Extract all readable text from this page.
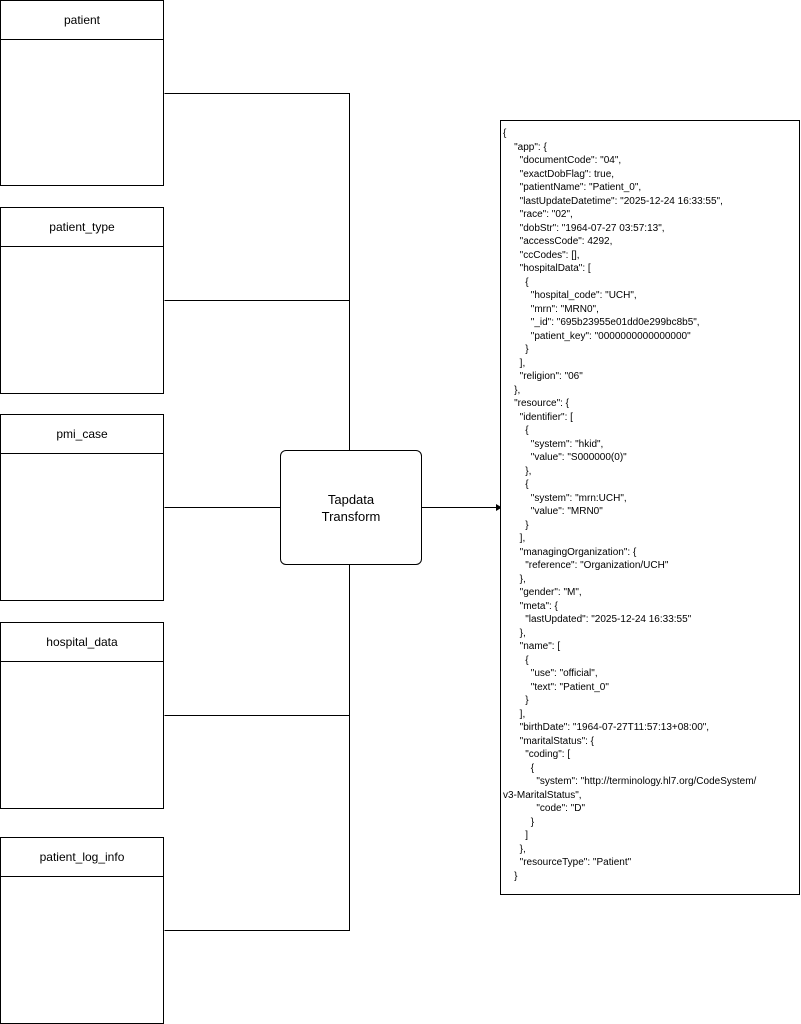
patient
patient_type
pmi_case
hospital_data
patient_log_info
Tapdata
Transform
{
"app": {
"documentCode": "04",
"exactDobFlag": true,
"patientName": "Patient_0",
"lastUpdateDatetime": "2025-12-24 16:33:55",
"race": "02",
"dobStr": "1964-07-27 03:57:13",
"accessCode": 4292,
"ccCodes": [],
"hospitalData": [
{
"hospital_code": "UCH",
"mrn": "MRN0",
"_id": "695b23955e01dd0e299bc8b5",
"patient_key": "0000000000000000"
}
],
"religion": "06"
},
"resource": {
"identifier": [
{
"system": "hkid",
"value": "S000000(0)"
},
{
"system": "mrn:UCH",
"value": "MRN0"
}
],
"managingOrganization": {
"reference": "Organization/UCH"
},
"gender": "M",
"meta": {
"lastUpdated": "2025-12-24 16:33:55"
},
"name": [
{
"use": "official",
"text": "Patient_0"
}
],
"birthDate": "1964-07-27T11:57:13+08:00",
"maritalStatus": {
"coding": [
{
"system": "http://terminology.hl7.org/CodeSystem/
v3-MaritalStatus",
"code": "D"
}
]
},
"resourceType": "Patient"
}
